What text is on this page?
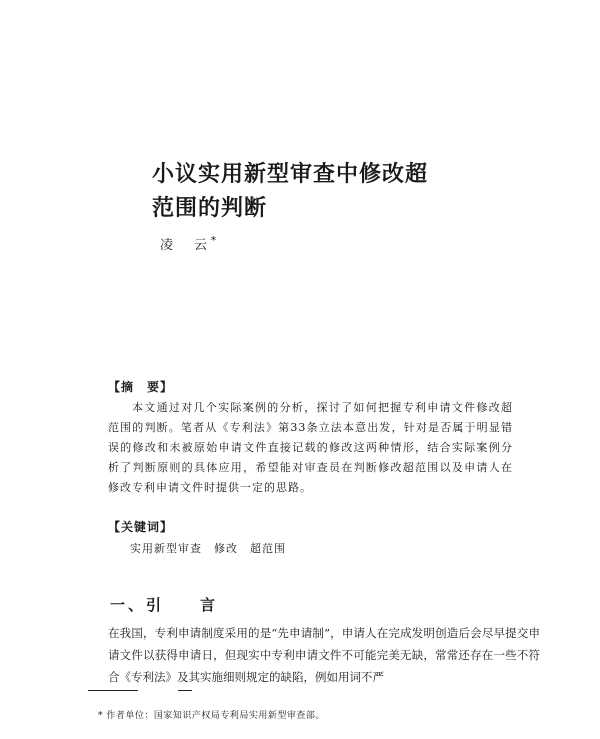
小议实用新型审查中修改超
范围的判断
凌　云*
【摘　要】

本文通过对几个实际案例的分析，探讨了如何把握专利申请文件修改超范围的判断。笔者从《专利法》第33条立法本意出发，针对是否属于明显错误的修改和未被原始申请文件直接记载的修改这两种情形，结合实际案例分析了判断原则的具体应用，希望能对审查员在判断修改超范围以及申请人在修改专利申请文件时提供一定的思路。

【关键词】
实用新型审查　修改　超范围
一、引　　言

在我国，专利申请制度采用的是“先申请制”，申请人在完成发明创造后会尽早提交申请文件以获得申请日，但现实中专利申请文件不可能完美无缺，常常还存在一些不符合《专利法》及其实施细则规定的缺陷，例如用词不严

* 作者单位：国家知识产权局专利局实用新型审查部。
